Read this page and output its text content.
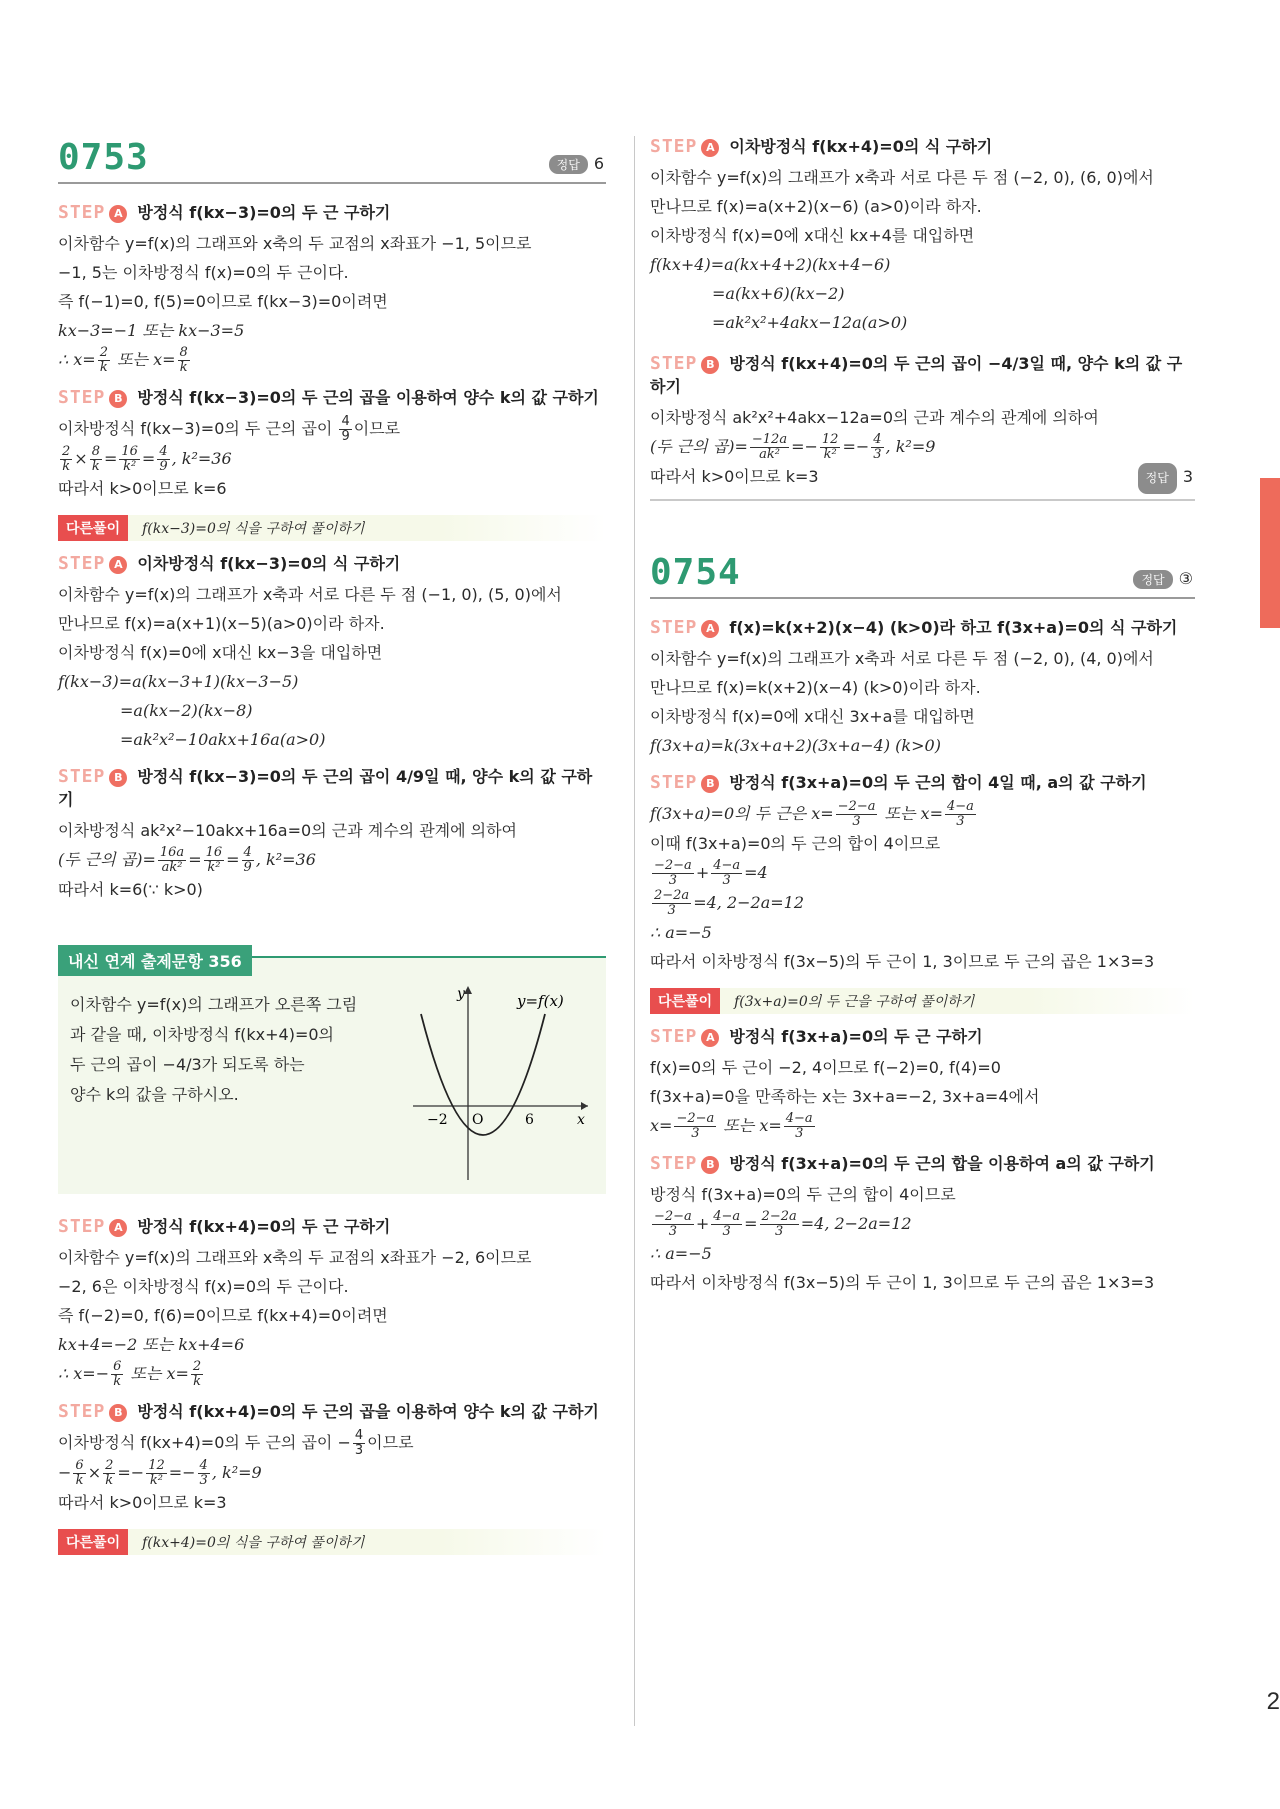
0753	정답 6
STEP A 방정식 f(kx−3)=0의 두 근 구하기
이차함수 y=f(x)의 그래프와 x축의 두 교점의 x좌표가 −1, 5이므로
−1, 5는 이차방정식 f(x)=0의 두 근이다.
즉 f(−1)=0, f(5)=0이므로 f(kx−3)=0이려면
kx−3=−1 또는 kx−3=5
∴ $x= \frac{2}{k}$ 또는 $x= \frac{8}{k}$
STEP B 방정식 f(kx−3)=0의 두 근의 곱을 이용하여 양수 k의 값 구하기
이차방정식 f(kx−3)=0의 두 근의 곱이 $\frac{4}{9}$ 이므로
$\frac{2}{k} \times \frac{8}{k} = \frac{16}{\text{k²}} = \frac{4}{9}$ , k²=36
따라서 k>0이므로 k=6
다른풀이	f(kx−3)=0의 식을 구하여 풀이하기
STEP A 이차방정식 f(kx−3)=0의 식 구하기
이차함수 y=f(x)의 그래프가 x축과 서로 다른 두 점 (−1, 0), (5, 0)에서
만나므로 f(x)=a(x+1)(x−5)(a>0)이라 하자.
이차방정식 f(x)=0에 x대신 kx−3을 대입하면
f(kx−3)=a(kx−3+1)(kx−3−5)
=a(kx−2)(kx−8)
=ak²x²−10akx+16a(a>0)
STEP B 방정식 f(kx−3)=0의 두 근의 곱이 4/9일 때, 양수 k의 값 구하기
이차방정식 ak²x²−10akx+16a=0의 근과 계수의 관계에 의하여
(두 근의 곱)= $\frac{16a}{\text{ak²}} = \frac{16}{\text{k²}} = \frac{4}{9}$ , k²=36
따라서 k=6(∵ k>0)
내신 연계 출제문항 356
이차함수 y=f(x)의 그래프가 오른쪽 그림
과 같을 때, 이차방정식 f(kx+4)=0의
두 근의 곱이 −4/3가 되도록 하는
양수 k의 값을 구하시오.
y	y=f(x)
x
O
−2	6
STEP A 방정식 f(kx+4)=0의 두 근 구하기
이차함수 y=f(x)의 그래프와 x축의 두 교점의 x좌표가 −2, 6이므로
−2, 6은 이차방정식 f(x)=0의 두 근이다.
즉 f(−2)=0, f(6)=0이므로 f(kx+4)=0이려면
kx+4=−2 또는 kx+4=6
∴ $x=- \frac{6}{k}$ 또는 $x= \frac{2}{k}$
STEP B 방정식 f(kx+4)=0의 두 근의 곱을 이용하여 양수 k의 값 구하기
이차방정식 f(kx+4)=0의 두 근의 곱이 − $\frac{4}{3}$ 이므로
− $\frac{6}{k} \times \frac{2}{k} =- \frac{12}{\text{k²}} =- \frac{4}{3}$ , k²=9
따라서 k>0이므로 k=3
다른풀이	f(kx+4)=0의 식을 구하여 풀이하기
STEP A 이차방정식 f(kx+4)=0의 식 구하기
이차함수 y=f(x)의 그래프가 x축과 서로 다른 두 점 (−2, 0), (6, 0)에서
만나므로 f(x)=a(x+2)(x−6) (a>0)이라 하자.
이차방정식 f(x)=0에 x대신 kx+4를 대입하면
f(kx+4)=a(kx+4+2)(kx+4−6)
=a(kx+6)(kx−2)
=ak²x²+4akx−12a(a>0)
STEP B 방정식 f(kx+4)=0의 두 근의 곱이 −4/3일 때, 양수 k의 값 구하기
이차방정식 ak²x²+4akx−12a=0의 근과 계수의 관계에 의하여
(두 근의 곱)= $\frac{-12a}{\text{ak²}} =- \frac{12}{\text{k²}} =- \frac{4}{3}$ , k²=9
따라서 k>0이므로 k=3	정답 3
0754	정답 ③
STEP A f(x)=k(x+2)(x−4) (k>0)라 하고 f(3x+a)=0의 식 구하기
이차함수 y=f(x)의 그래프가 x축과 서로 다른 두 점 (−2, 0), (4, 0)에서
만나므로 f(x)=k(x+2)(x−4) (k>0)이라 하자.
이차방정식 f(x)=0에 x대신 3x+a를 대입하면
f(3x+a)=k(3x+a+2)(3x+a−4) (k>0)
STEP B 방정식 f(3x+a)=0의 두 근의 합이 4일 때, a의 값 구하기
f(3x+a)=0의 두 근은 $x= \frac{-2-a}{3}$ 또는 $x= \frac{4-a}{3}$
이때 f(3x+a)=0의 두 근의 합이 4이므로
$\frac{-2-a}{3} + \frac{4-a}{3} =4$
$\frac{2-2a}{3} =4$, 2−2a=12
∴ a=−5
따라서 이차방정식 f(3x−5)의 두 근이 1, 3이므로 두 근의 곱은 1×3=3
다른풀이	f(3x+a)=0의 두 근을 구하여 풀이하기
STEP A 방정식 f(3x+a)=0의 두 근 구하기
f(x)=0의 두 근이 −2, 4이므로 f(−2)=0, f(4)=0
f(3x+a)=0을 만족하는 x는 3x+a=−2, 3x+a=4에서
$x= \frac{-2-a}{3}$ 또는 $x= \frac{4-a}{3}$
STEP B 방정식 f(3x+a)=0의 두 근의 합을 이용하여 a의 값 구하기
방정식 f(3x+a)=0의 두 근의 합이 4이므로
$\frac{-2-a}{3} + \frac{4-a}{3} = \frac{2-2a}{3} =4$, 2−2a=12
∴ a=−5
따라서 이차방정식 f(3x−5)의 두 근이 1, 3이므로 두 근의 곱은 1×3=3
2
